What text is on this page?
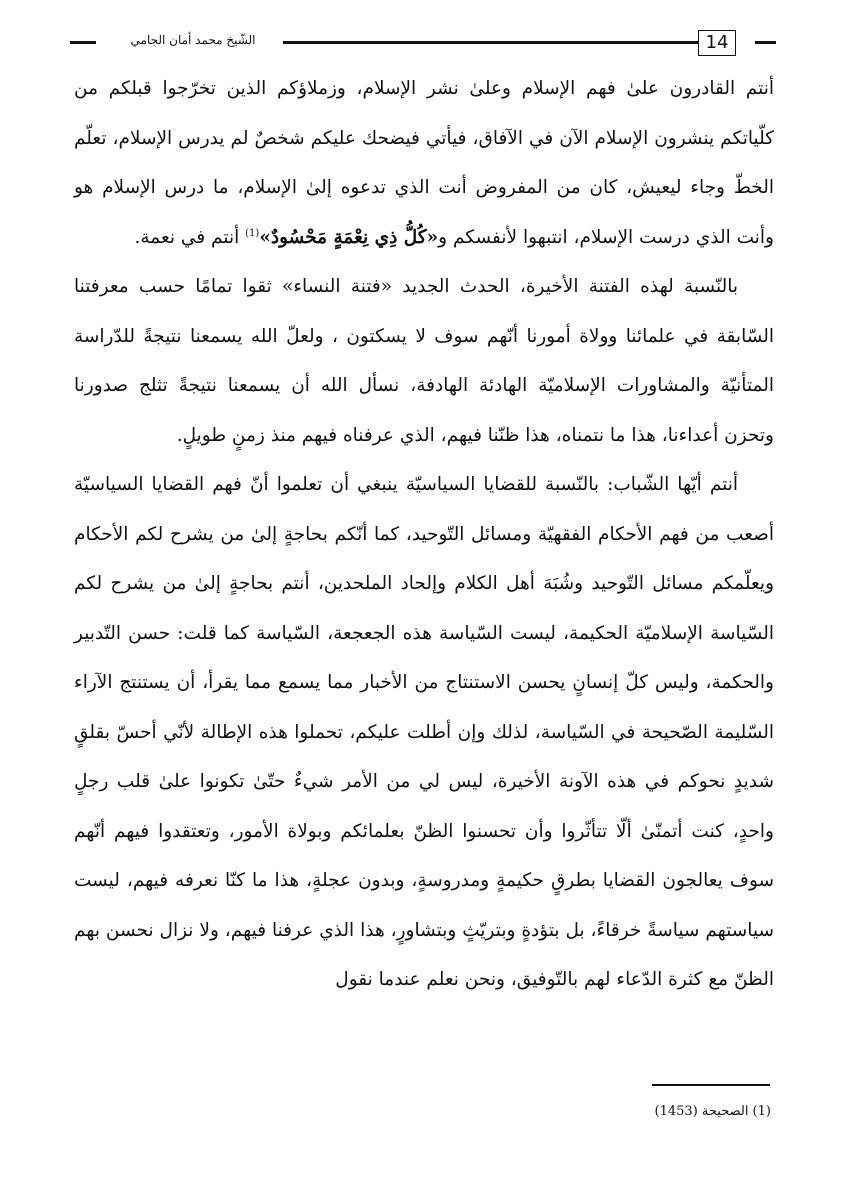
14
الشّيخ محمد أمان الجامي

أنتم القادرون علىٰ فهم الإسلام وعلىٰ نشر الإسلام، وزملاؤكم الذين تخرّجوا قبلكم من كلّياتكم ينشرون الإسلام الآن في الآفاق، فيأتي فيضحك عليكم شخصٌ لم يدرس الإسلام، تعلّم الخطّ وجاء ليعيش، كان من المفروض أنت الذي تدعوه إلىٰ الإسلام، ما درس الإسلام هو وأنت الذي درست الإسلام، انتبهوا لأنفسكم و«كُلُّ ذِي نِعْمَةٍ مَحْسُودٌ»$^{(1)}$ أنتم في نعمة.

بالنّسبة لهذه الفتنة الأخيرة، الحدث الجديد «فتنة النساء» ثقوا تمامًا حسب معرفتنا السّابقة في علمائنا وولاة أمورنا أنّهم سوف لا يسكتون ، ولعلّ الله يسمعنا نتيجةً للدّراسة المتأنيّة والمشاورات الإسلاميّة الهادئة الهادفة، نسأل الله أن يسمعنا نتيجةً تثلج صدورنا وتحزن أعداءنا، هذا ما نتمناه، هذا ظنّنا فيهم، الذي عرفناه فيهم منذ زمنٍ طويلٍ.

أنتم أيّها الشّباب: بالنّسبة للقضايا السياسيّة ينبغي أن تعلموا أنّ فهم القضايا السياسيّة أصعب من فهم الأحكام الفقهيّة ومسائل التّوحيد، كما أنّكم بحاجةٍ إلىٰ من يشرح لكم الأحكام ويعلّمكم مسائل التّوحيد وشُبَهَ أهل الكلام وإلحاد الملحدين، أنتم بحاجةٍ إلىٰ من يشرح لكم السّياسة الإسلاميّة الحكيمة، ليست السّياسة هذه الجعجعة، السّياسة كما قلت: حسن التّدبير والحكمة، وليس كلّ إنسانٍ يحسن الاستنتاج من الأخبار مما يسمع مما يقرأ، أن يستنتج الآراء السّليمة الصّحيحة في السّياسة، لذلك وإن أطلت عليكم، تحملوا هذه الإطالة لأنّي أحسّ بقلقٍ شديدٍ نحوكم في هذه الآونة الأخيرة، ليس لي من الأمر شيءٌ حتّىٰ تكونوا علىٰ قلب رجلٍ واحدٍ، كنت أتمنّىٰ ألّا تتأثّروا وأن تحسنوا الظنّ بعلمائكم وبولاة الأمور، وتعتقدوا فيهم أنّهم سوف يعالجون القضايا بطرقٍ حكيمةٍ ومدروسةٍ، وبدون عجلةٍ، هذا ما كنّا نعرفه فيهم، ليست سياستهم سياسةً خرقاءً، بل بتؤدةٍ وبتريّثٍ وبتشاورٍ، هذا الذي عرفنا فيهم، ولا نزال نحسن بهم الظنّ مع كثرة الدّعاء لهم بالتّوفيق، ونحن نعلم عندما نقول

(1) الصحيحة (1453)
